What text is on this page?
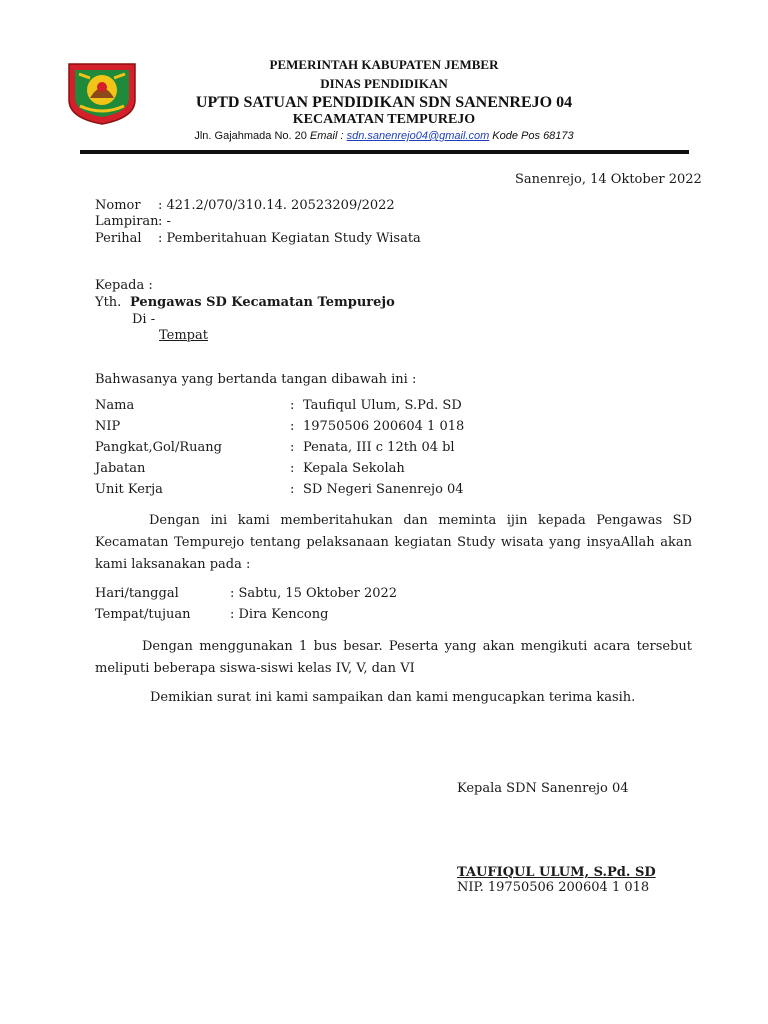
PEMERINTAH KABUPATEN JEMBER
DINAS PENDIDIKAN
UPTD SATUAN PENDIDIKAN SDN SANENREJO 04
KECAMATAN TEMPUREJO
Jln. Gajahmada No. 20 Email : sdn.sanenrejo04@gmail.com Kode Pos 68173
Sanenrejo, 14 Oktober 2022
Nomor : 421.2/070/310.14. 20523209/2022
Lampiran : -
Perihal : Pemberitahuan Kegiatan Study Wisata
Kepada :
Yth. Pengawas SD Kecamatan Tempurejo
Di -
Tempat
Bahwasanya yang bertanda tangan dibawah ini :
Nama	: Taufiqul Ulum, S.Pd. SD
NIP	: 19750506 200604 1 018
Pangkat,Gol/Ruang	: Penata, III c 12th 04 bl
Jabatan	: Kepala Sekolah
Unit Kerja	: SD Negeri Sanenrejo 04
Dengan ini kami memberitahukan dan meminta ijin kepada Pengawas SD Kecamatan Tempurejo tentang pelaksanaan kegiatan Study wisata yang insyaAllah akan kami laksanakan pada :
Hari/tanggal	: Sabtu, 15 Oktober 2022
Tempat/tujuan	: Dira Kencong
Dengan menggunakan 1 bus besar. Peserta yang akan mengikuti acara tersebut meliputi beberapa siswa-siswi kelas IV, V, dan VI
Demikian surat ini kami sampaikan dan kami mengucapkan terima kasih.
Kepala SDN Sanenrejo 04
TAUFIQUL ULUM, S.Pd. SD
NIP. 19750506 200604 1 018
